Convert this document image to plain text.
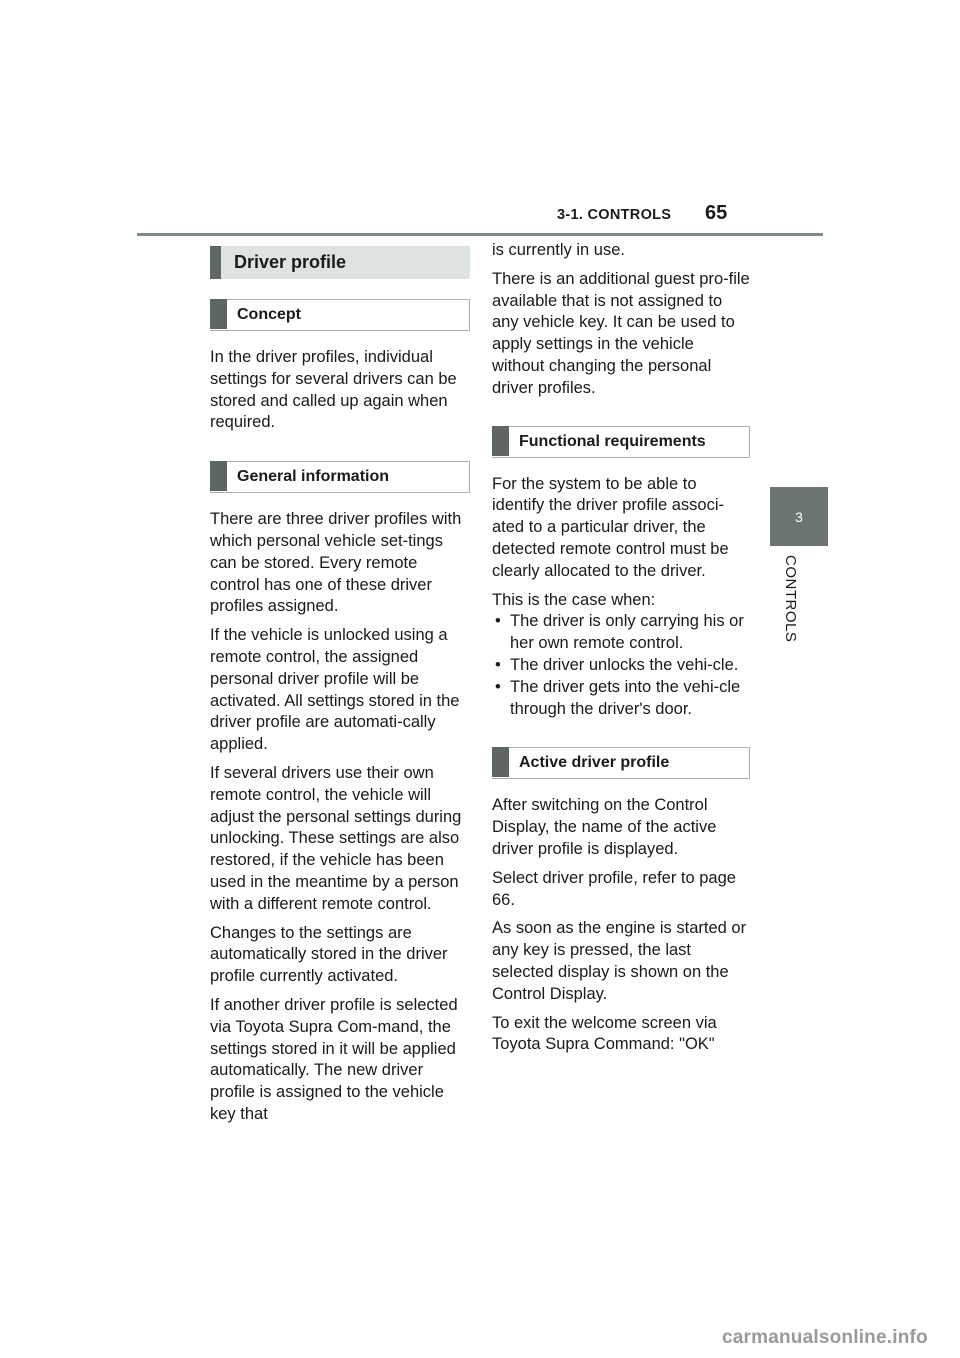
3-1. CONTROLS 65
3
CONTROLS
Driver profile
Concept

In the driver profiles, individual settings for several drivers can be stored and called up again when required.

General information

There are three driver profiles with which personal vehicle set-tings can be stored. Every remote control has one of these driver profiles assigned.

If the vehicle is unlocked using a remote control, the assigned personal driver profile will be activated. All settings stored in the driver profile are automati-cally applied.

If several drivers use their own remote control, the vehicle will adjust the personal settings during unlocking. These settings are also restored, if the vehicle has been used in the meantime by a person with a different remote control.

Changes to the settings are automatically stored in the driver profile currently activated.

If another driver profile is selected via Toyota Supra Com-mand, the settings stored in it will be applied automatically. The new driver profile is assigned to the vehicle key that

is currently in use.

There is an additional guest pro-file available that is not assigned to any vehicle key. It can be used to apply settings in the vehicle without changing the personal driver profiles.

Functional requirements

For the system to be able to identify the driver profile associ-ated to a particular driver, the detected remote control must be clearly allocated to the driver.

This is the case when:

• The driver is only carrying his or her own remote control.
• The driver unlocks the vehi-cle.
• The driver gets into the vehi-cle through the driver's door.
Active driver profile

After switching on the Control Display, the name of the active driver profile is displayed.

Select driver profile, refer to page 66.

As soon as the engine is started or any key is pressed, the last selected display is shown on the Control Display.

To exit the welcome screen via Toyota Supra Command: "OK"

carmanualsonline.info
